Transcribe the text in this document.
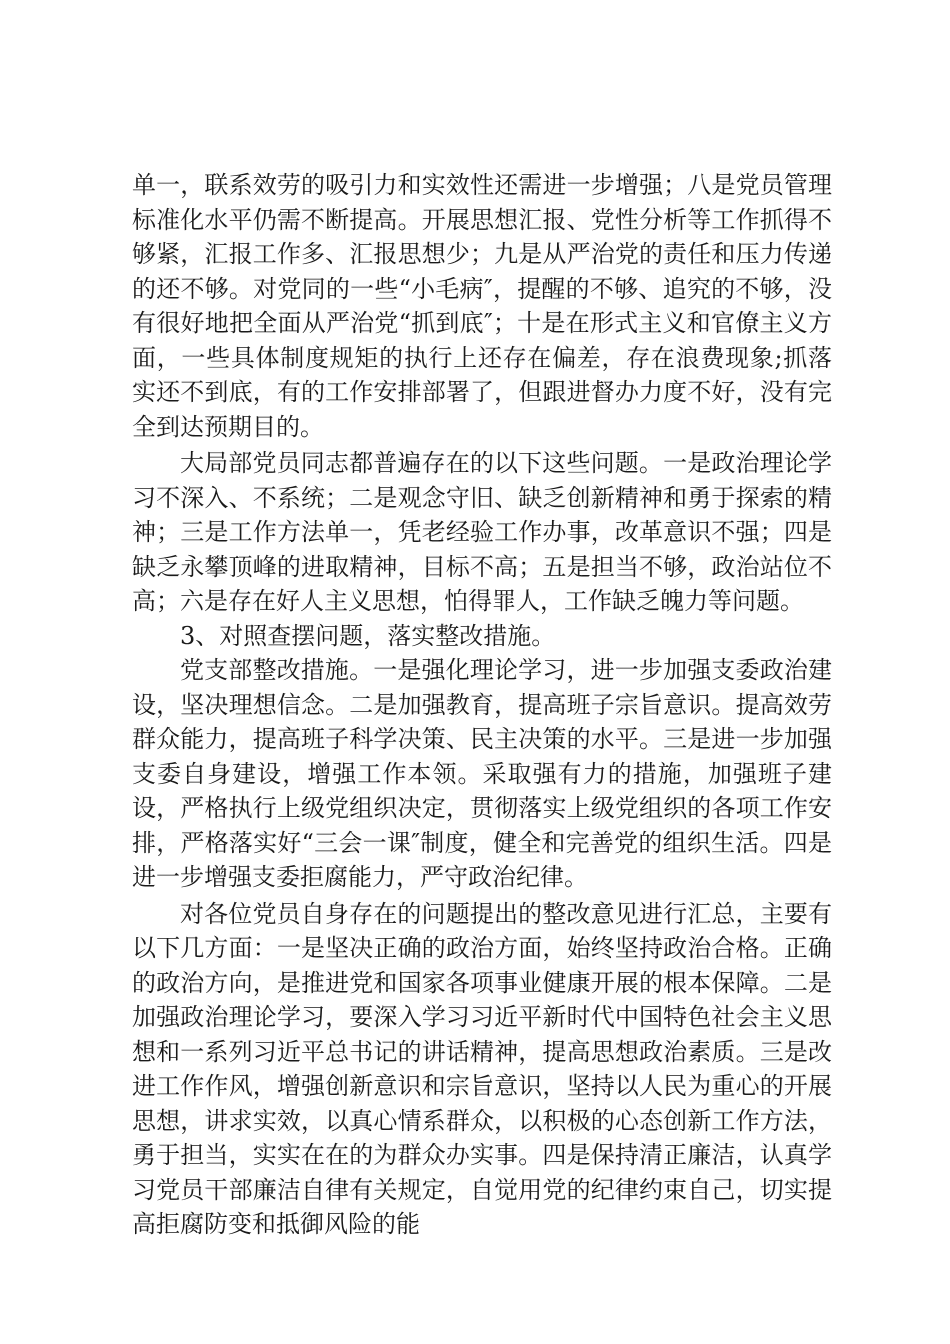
单一，联系效劳的吸引力和实效性还需进一步增强；八是党员管理标准化水平仍需不断提高。开展思想汇报、党性分析等工作抓得不够紧，汇报工作多、汇报思想少；九是从严治党的责任和压力传递的还不够。对党同的一些“小毛病″，提醒的不够、追究的不够，没有很好地把全面从严治党“抓到底″；十是在形式主义和官僚主义方面，一些具体制度规矩的执行上还存在偏差，存在浪费现象;抓落实还不到底，有的工作安排部署了，但跟进督办力度不好，没有完全到达预期目的。

大局部党员同志都普遍存在的以下这些问题。一是政治理论学习不深入、不系统；二是观念守旧、缺乏创新精神和勇于探索的精神；三是工作方法单一，凭老经验工作办事，改革意识不强；四是缺乏永攀顶峰的进取精神，目标不高；五是担当不够，政治站位不高；六是存在好人主义思想，怕得罪人，工作缺乏魄力等问题。

3、对照查摆问题，落实整改措施。

党支部整改措施。一是强化理论学习，进一步加强支委政治建设，坚决理想信念。二是加强教育，提高班子宗旨意识。提高效劳群众能力，提高班子科学决策、民主决策的水平。三是进一步加强支委自身建设，增强工作本领。采取强有力的措施，加强班子建设，严格执行上级党组织决定，贯彻落实上级党组织的各项工作安排，严格落实好“三会一课″制度，健全和完善党的组织生活。四是进一步增强支委拒腐能力，严守政治纪律。

对各位党员自身存在的问题提出的整改意见进行汇总，主要有以下几方面：一是坚决正确的政治方面，始终坚持政治合格。正确的政治方向，是推进党和国家各项事业健康开展的根本保障。二是加强政治理论学习，要深入学习习近平新时代中国特色社会主义思想和一系列习近平总书记的讲话精神，提高思想政治素质。三是改进工作作风，增强创新意识和宗旨意识，坚持以人民为重心的开展思想，讲求实效，以真心情系群众，以积极的心态创新工作方法，勇于担当，实实在在的为群众办实事。四是保持清正廉洁，认真学习党员干部廉洁自律有关规定，自觉用党的纪律约束自己，切实提高拒腐防变和抵御风险的能
